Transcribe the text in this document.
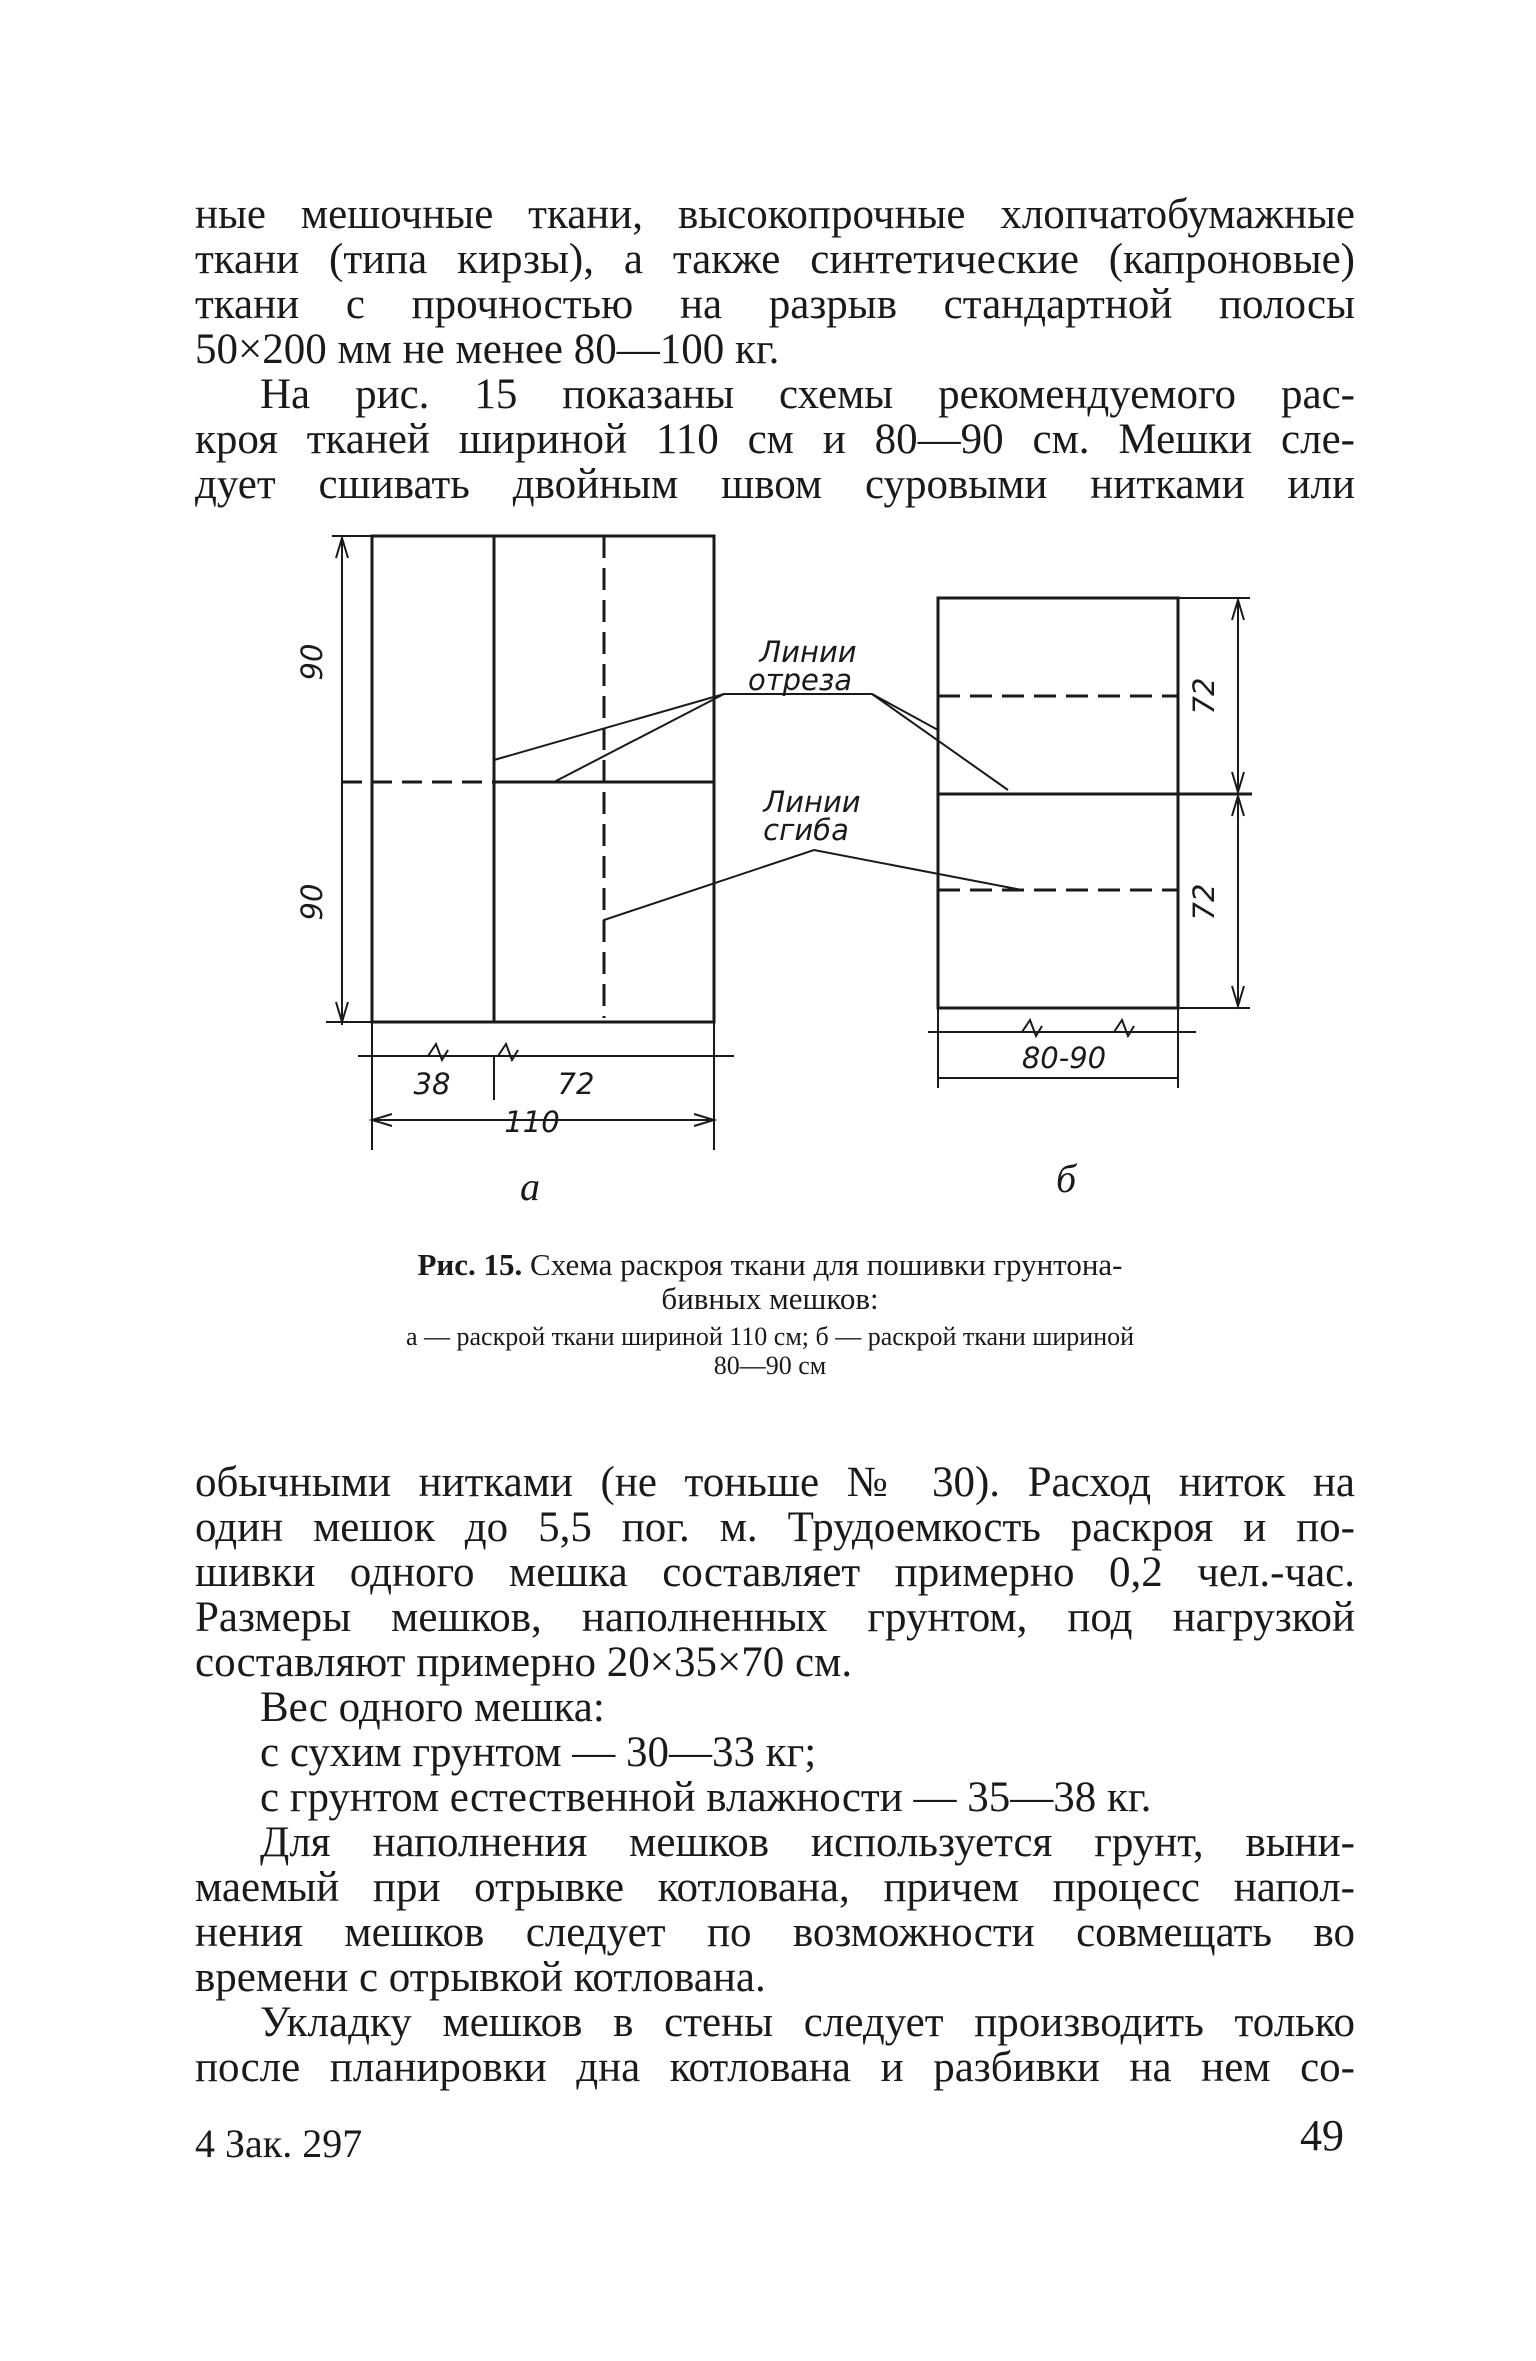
ные мешочные ткани, высокопрочные хлопчатобумажные
ткани (типа кирзы), а также синтетические (капроновые)
ткани с прочностью на разрыв стандартной полосы
50×200 мм не менее 80—100 кг.
На рис. 15 показаны схемы рекомендуемого рас-
кроя тканей шириной 110 см и 80—90 см. Мешки сле-
дует сшивать двойным швом суровыми нитками или
90
90
38	72
110
а
72
72
80-90
б
Линии
отреза
Линии
сгиба
Рис. 15. Схема раскроя ткани для пошивки грунтона-
бивных мешков:
а — раскрой ткани шириной 110 см; б — раскрой ткани шириной
80—90 см
обычными нитками (не тоньше № 30). Расход ниток на
один мешок до 5,5 пог. м. Трудоемкость раскроя и по-
шивки одного мешка составляет примерно 0,2 чел.-час.
Размеры мешков, наполненных грунтом, под нагрузкой
составляют примерно 20×35×70 см.
Вес одного мешка:
с сухим грунтом — 30—33 кг;
с грунтом естественной влажности — 35—38 кг.
Для наполнения мешков используется грунт, выни-
маемый при отрывке котлована, причем процесс напол-
нения мешков следует по возможности совмещать во
времени с отрывкой котлована.
Укладку мешков в стены следует производить только
после планировки дна котлована и разбивки на нем со-
4 Зак. 297	49
